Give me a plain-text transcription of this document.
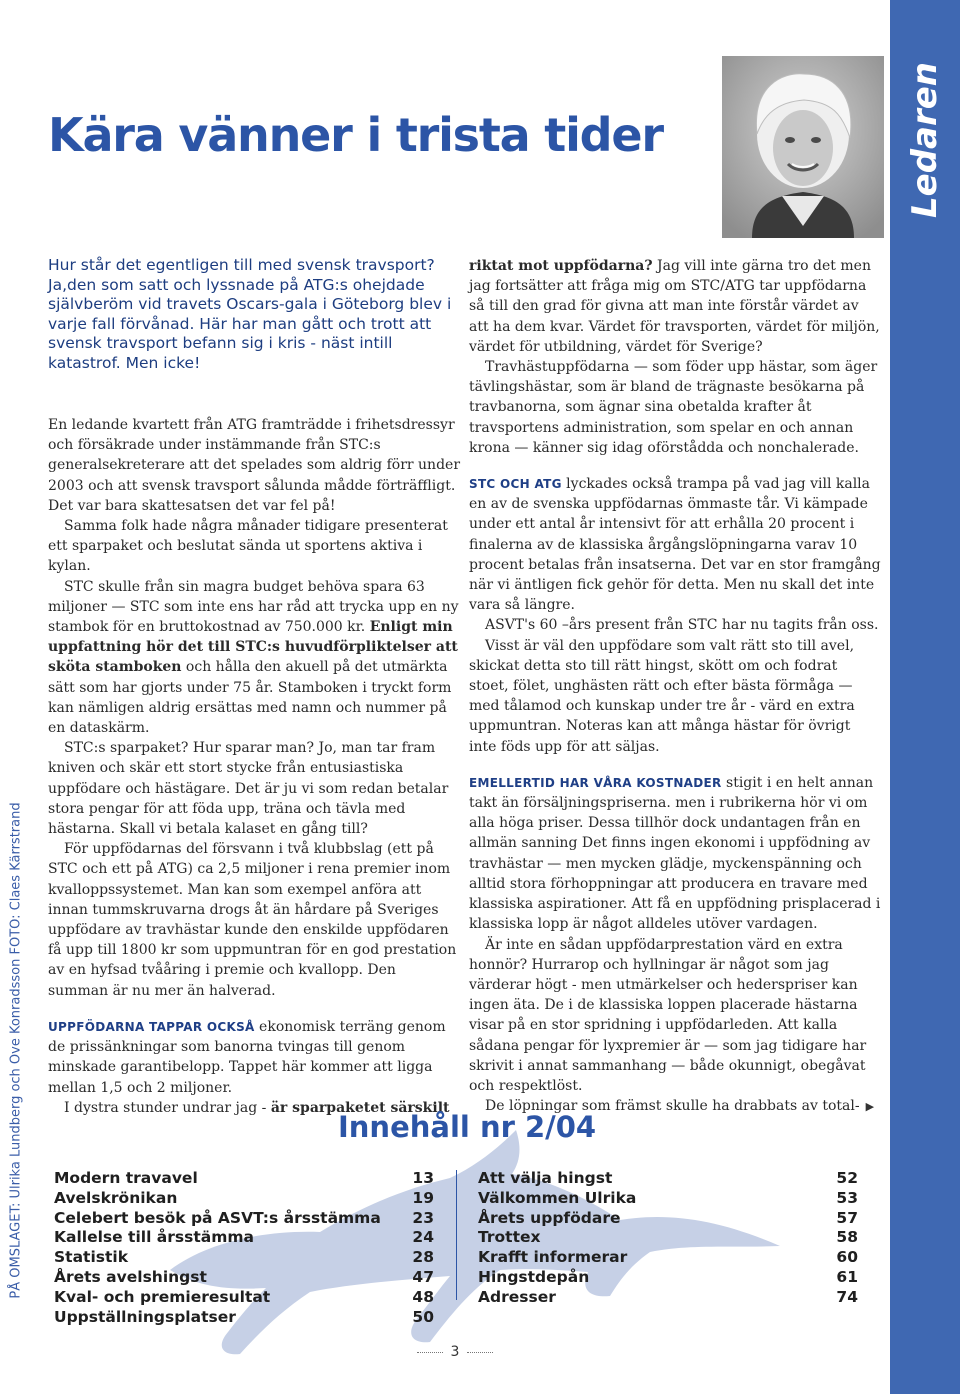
Ledaren
PÅ OMSLAGET: Ulrika Lundberg och Ove Konradsson FOTO: Claes Kärrstrand
Kära vänner i trista tider

Hur står det egentligen till med svensk travsport? Ja,den som satt och lyssnade på ATG:s ohejdade självberöm vid travets Oscars-gala i Göteborg blev i varje fall förvånad. Här har man gått och trott att svensk travsport befann sig i kris - näst intill katastrof. Men icke!

En ledande kvartett från ATG framträdde i frihetsdressyr och försäkrade under instämmande från STC:s generalsekreterare att det spelades som aldrig förr under 2003 och att svensk travsport sålunda mådde förträffligt. Det var bara skattesatsen det var fel på!

Samma folk hade några månader tidigare presenterat ett sparpaket och beslutat sända ut sportens aktiva i kylan.

STC skulle från sin magra budget behöva spara 63 miljoner — STC som inte ens har råd att trycka upp en ny stambok för en bruttokostnad av 750.000 kr. Enligt min uppfattning hör det till STC:s huvudförpliktelser att sköta stamboken och hålla den akuell på det utmärkta sätt som har gjorts under 75 år. Stamboken i tryckt form kan nämligen aldrig ersättas med namn och nummer på en dataskärm.

STC:s sparpaket? Hur sparar man? Jo, man tar fram kniven och skär ett stort stycke från entusiastiska uppfödare och hästägare. Det är ju vi som redan betalar stora pengar för att föda upp, träna och tävla med hästarna. Skall vi betala kalaset en gång till?

För uppfödarnas del försvann i två klubbslag (ett på STC och ett på ATG) ca 2,5 miljoner i rena premier inom kvalloppssystemet. Man kan som exempel anföra att innan tummskruvarna drogs åt än hårdare på Sveriges uppfödare av travhästar kunde den enskilde uppfödaren få upp till 1800 kr som uppmuntran för en god prestation av en hyfsad tvååring i premie och kvallopp. Den summan är nu mer än halverad.

UPPFÖDARNA TAPPAR OCKSÅ ekonomisk terräng genom de prissänkningar som banorna tvingas till genom minskade garantibelopp. Tappet här kommer att ligga mellan 1,5 och 2 miljoner.

I dystra stunder undrar jag - är sparpaketet särskilt

riktat mot uppfödarna? Jag vill inte gärna tro det men jag fortsätter att fråga mig om STC/ATG tar uppfödarna så till den grad för givna att man inte förstår värdet av att ha dem kvar. Värdet för travsporten, värdet för miljön, värdet för utbildning, värdet för Sverige?

Travhästuppfödarna — som föder upp hästar, som äger tävlingshästar, som är bland de trägnaste besökarna på travbanorna, som ägnar sina obetalda krafter åt travsportens administration, som spelar en och annan krona — känner sig idag oförstådda och nonchalerade.

STC OCH ATG lyckades också trampa på vad jag vill kalla en av de svenska uppfödarnas ömmaste tår. Vi kämpade under ett antal år intensivt för att erhålla 20 procent i finalerna av de klassiska årgångslöpningarna varav 10 procent betalas från insatserna. Det var en stor framgång när vi äntligen fick gehör för detta. Men nu skall det inte vara så längre.

ASVT's 60 –års present från STC har nu tagits från oss.

Visst är väl den uppfödare som valt rätt sto till avel, skickat detta sto till rätt hingst, skött om och fodrat stoet, fölet, unghästen rätt och efter bästa förmåga — med tålamod och kunskap under tre år - värd en extra uppmuntran. Noteras kan att många hästar för övrigt inte föds upp för att säljas.

EMELLERTID HAR VÅRA KOSTNADER stigit i en helt annan takt än försäljningspriserna. men i rubrikerna hör vi om alla höga priser. Dessa tillhör dock undantagen från en allmän sanning Det finns ingen ekonomi i uppfödning av travhästar — men mycken glädje, myckenspänning och alltid stora förhoppningar att producera en travare med klassiska aspirationer. Att få en uppfödning prisplacerad i klassiska lopp är något alldeles utöver vardagen.

Är inte en sådan uppfödarprestation värd en extra honnör? Hurrarop och hyllningar är något som jag värderar högt - men utmärkelser och hederspriser kan ingen äta. De i de klassiska loppen placerade hästarna visar på en stor spridning i uppfödarleden. Att kalla sådana pengar för lyxpremier är — som jag tidigare har skrivit i annat sammanhang — både okunnigt, obegåvat och respektlöst.

De löpningar som främst skulle ha drabbats av total- ▶

Innehåll nr 2/04
Modern travavel	13
Avelskrönikan	19
Celebert besök på ASVT:s årsstämma 23
Kallelse till årsstämma	24
Statistik	28
Årets avelshingst	47
Kval- och premieresultat	48
Uppställningsplatser	50
Att välja hingst	52
Välkommen Ulrika	53
Årets uppfödare	57
Trottex	58
Krafft informerar	60
Hingstdepån	61
Adresser	74
3
